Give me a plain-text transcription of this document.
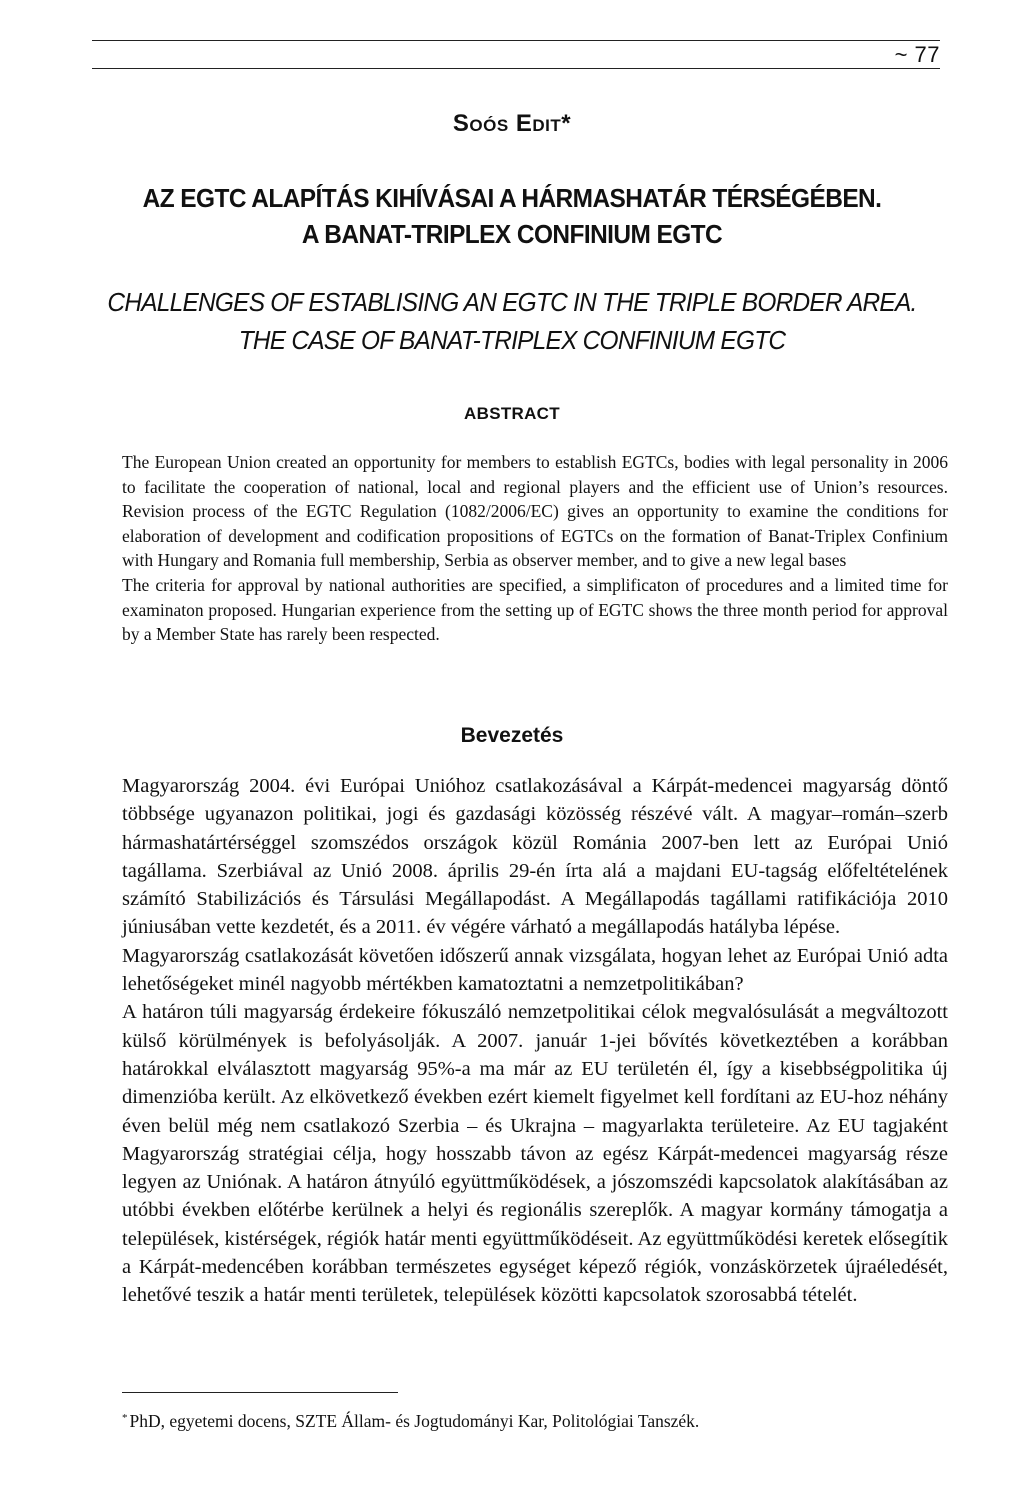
~ 77
Soós Edit*
AZ EGTC ALAPÍTÁS KIHÍVÁSAI A HÁRMASHATÁR TÉRSÉGÉBEN.
A BANAT-TRIPLEX CONFINIUM EGTC
CHALLENGES OF ESTABLISING AN EGTC IN THE TRIPLE BORDER AREA.
THE CASE OF BANAT-TRIPLEX CONFINIUM EGTC
ABSTRACT

The European Union created an opportunity for members to establish EGTCs, bodies with legal personality in 2006 to facilitate the cooperation of national, local and regional players and the efficient use of Union’s resources. Revision process of the EGTC Regulation (1082/2006/EC) gives an opportunity to examine the conditions for elaboration of development and codification propositions of EGTCs on the formation of Banat-Triplex Confinium with Hungary and Romania full membership, Serbia as observer member, and to give a new legal bases

The criteria for approval by national authorities are specified, a simplificaton of procedures and a limited time for examinaton proposed. Hungarian experience from the setting up of EGTC shows the three month period for approval by a Member State has rarely been respected.

Bevezetés

Magyarország 2004. évi Európai Unióhoz csatlakozásával a Kárpát-medencei magyarság döntő többsége ugyanazon politikai, jogi és gazdasági közösség részévé vált. A magyar–román–szerb hármashatártérséggel szomszédos országok közül Románia 2007-ben lett az Európai Unió tagállama. Szerbiával az Unió 2008. április 29-én írta alá a majdani EU-tagság előfeltételének számító Stabilizációs és Társulási Megállapodást. A Megállapodás tagállami ratifikációja 2010 júniusában vette kezdetét, és a 2011. év végére várható a megállapodás hatályba lépése.

Magyarország csatlakozását követően időszerű annak vizsgálata, hogyan lehet az Európai Unió adta lehetőségeket minél nagyobb mértékben kamatoztatni a nemzetpolitikában?

A határon túli magyarság érdekeire fókuszáló nemzetpolitikai célok megvalósulását a megváltozott külső körülmények is befolyásolják. A 2007. január 1-jei bővítés következtében a korábban határokkal elválasztott magyarság 95%-a ma már az EU területén él, így a kisebbségpolitika új dimenzióba került. Az elkövetkező években ezért kiemelt figyelmet kell fordítani az EU-hoz néhány éven belül még nem csatlakozó Szerbia – és Ukrajna – magyarlakta területeire. Az EU tagjaként Magyarország stratégiai célja, hogy hosszabb távon az egész Kárpát-medencei magyarság része legyen az Uniónak. A határon átnyúló együttműködések, a jószomszédi kapcsolatok alakításában az utóbbi években előtérbe kerülnek a helyi és regionális szereplők. A magyar kormány támogatja a települések, kistérségek, régiók határ menti együttműködéseit. Az együttműködési keretek elősegítik a Kárpát-medencében korábban természetes egységet képező régiók, vonzáskörzetek újraéledését, lehetővé teszik a határ menti területek, települések közötti kapcsolatok szorosabbá tételét.

* PhD, egyetemi docens, SZTE Állam- és Jogtudományi Kar, Politológiai Tanszék.
